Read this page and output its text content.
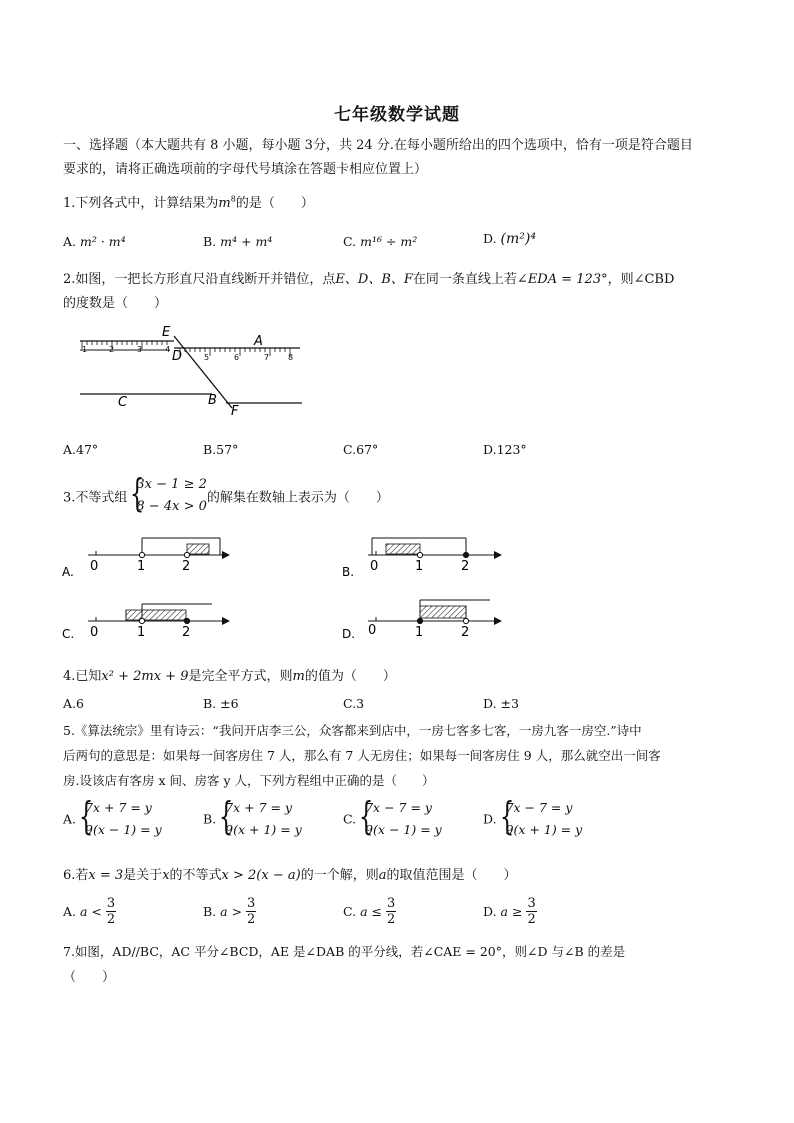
七年级数学试题
一、选择题（本大题共有 8 小题，每小题 3分，共 24 分.在每小题所给出的四个选项中，恰有一项是符合题目
要求的，请将正确选项前的字母代号填涂在答题卡相应位置上）
1.下列各式中，计算结果为$m^8$的是（　　）
A. m² · m⁴	B. m⁴ + m⁴	C. m¹⁶ ÷ m²	D. (m²)⁴
2.如图，一把长方形直尺沿直线断开并错位，点E、D、B、F在同一条直线上若∠EDA = 123°，则∠CBD
的度数是（　　）
1	2	3	4
5	6	7 8
E
D
A
C	B
F
A.47°	B.57°	C.67°	D.123°
3.不等式组
{ 3x − 1 ≥ 2
8 − 4x > 0
的解集在数轴上表示为（　　）
A. 0	1	2	B. 0	1	2
C. 0	1	2	D. 0	1	2
4.已知x² + 2mx + 9是完全平方式，则m的值为（　　）
A.6	B. ±6	C.3	D. ±3
5.《算法统宗》里有诗云：“我问开店李三公，众客都来到店中，一房七客多七客，一房九客一房空.”诗中
后两句的意思是：如果每一间客房住 7 人，那么有 7 人无房住；如果每一间客房住 9 人，那么就空出一间客
房.设该店有客房 x 间、房客 y 人，下列方程组中正确的是（　　）
A.
{ 7x + 7 = y
9(x − 1) = y
B.
{ 7x + 7 = y
9(x + 1) = y
C.
{ 7x − 7 = y
9(x − 1) = y
D.
{ 7x − 7 = y
9(x + 1) = y
6.若x = 3是关于x的不等式x > 2(x − a)的一个解，则a的取值范围是（　　）
A. $a < \frac{3}{2}$	B. $a > \frac{3}{2}$	C. $a \le \frac{3}{2}$	D. $a \ge \frac{3}{2}$
7.如图，AD//BC，AC 平分∠BCD，AE 是∠DAB 的平分线，若∠CAE = 20°，则∠D 与∠B 的差是
（　　）
